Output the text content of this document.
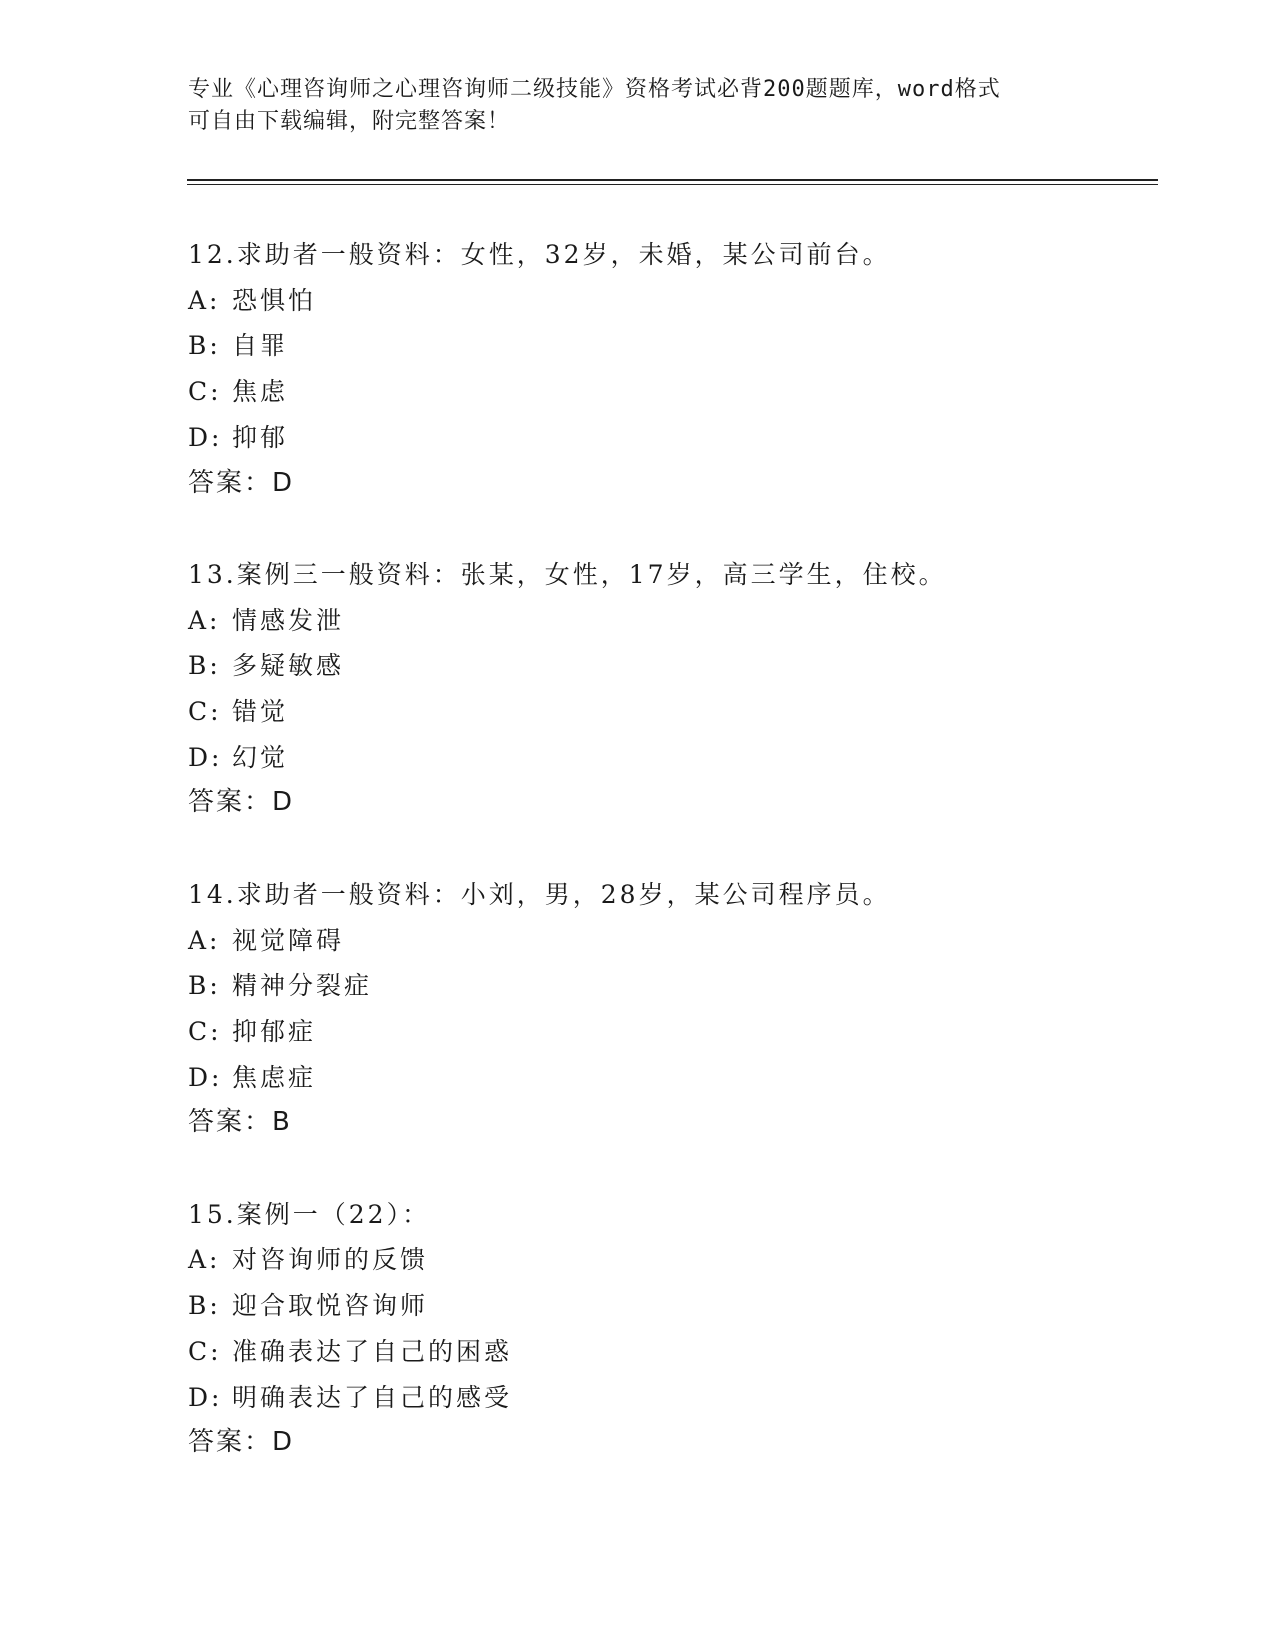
专业《心理咨询师之心理咨询师二级技能》资格考试必背200题题库，word格式
可自由下载编辑，附完整答案！
12.求助者一般资料：女性，32岁，未婚，某公司前台。
A: 恐惧怕
B: 自罪
C: 焦虑
D: 抑郁
答案：D
13.案例三一般资料：张某，女性，17岁，高三学生，住校。
A: 情感发泄
B: 多疑敏感
C: 错觉
D: 幻觉
答案：D
14.求助者一般资料：小刘，男，28岁，某公司程序员。
A: 视觉障碍
B: 精神分裂症
C: 抑郁症
D: 焦虑症
答案：B
15.案例一（22）：
A: 对咨询师的反馈
B: 迎合取悦咨询师
C: 准确表达了自己的困惑
D: 明确表达了自己的感受
答案：D
